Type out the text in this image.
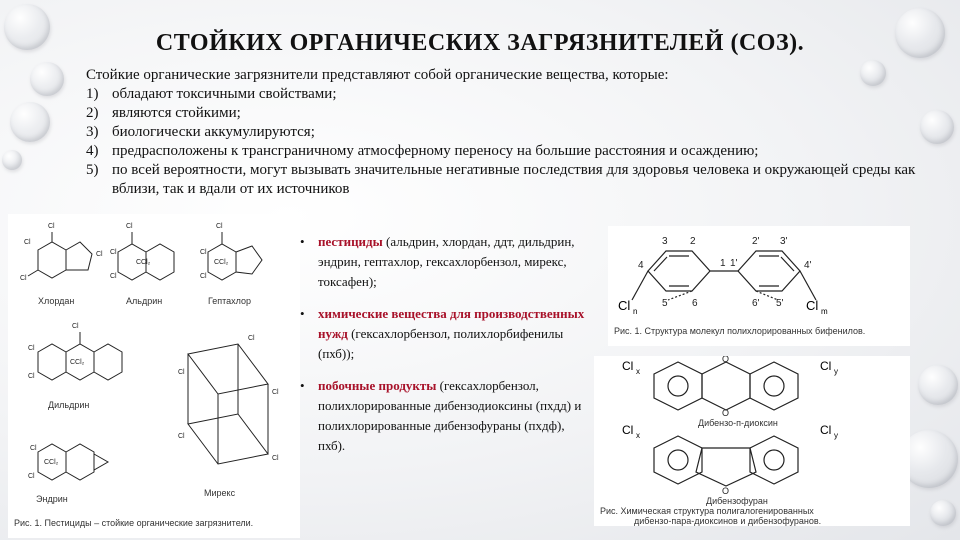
СТОЙКИХ ОРГАНИЧЕСКИХ ЗАГРЯЗНИТЕЛЕЙ (СОЗ).
Стойкие органические загрязнители представляют собой органические вещества, которые:
1) обладают токсичными свойствами;
2) являются стойкими;
3) биологически аккумулируются;
4) предрасположены к трансграничному атмосферному переносу на большие расстояния и осаждению;
5) по всей вероятности, могут вызывать значительные негативные последствия для здоровья человека и окружающей среды как вблизи, так и вдали от их источников
Cl
Cl
Cl
Cl
Cl
Cl
Cl
CCl₂
Cl
Cl
Cl
CCl₂
Cl
Cl
Cl
CCl₂
Cl
Cl
Cl
Cl
Cl
Cl
Cl
CCl₂
Хлордан	Альдрин	Гептахлор
Дильдрин
Мирекс
Эндрин
Рис. 1. Пестициды – стойкие органические загрязнители.
•	пестициды (альдрин, хлордан, ддт, дильдрин, эндрин, гептахлор, гексахлорбензол, мирекс, токсафен);
•	химические вещества для производственных нужд (гексахлорбензол, полихлорбифенилы (пхб));
•	побочные продукты (гексахлорбензол, полихлорированные дибензодиоксины (пхдд) и полихлорированные дибензофураны (пхдф), пхб).
3 2	2' 3'
4	1 1'	4'
5 6	6' 5'
Cl n	Cl m
Рис. 1. Структура молекул полихлорированных бифенилов.
O
O
O
Cl x	Cl y
Cl x	Cl y
Дибензо-п-диоксин
Дибензофуран
Рис. Химическая структура полигалогенированных
дибензо-пара-диоксинов и дибензофуранов.
